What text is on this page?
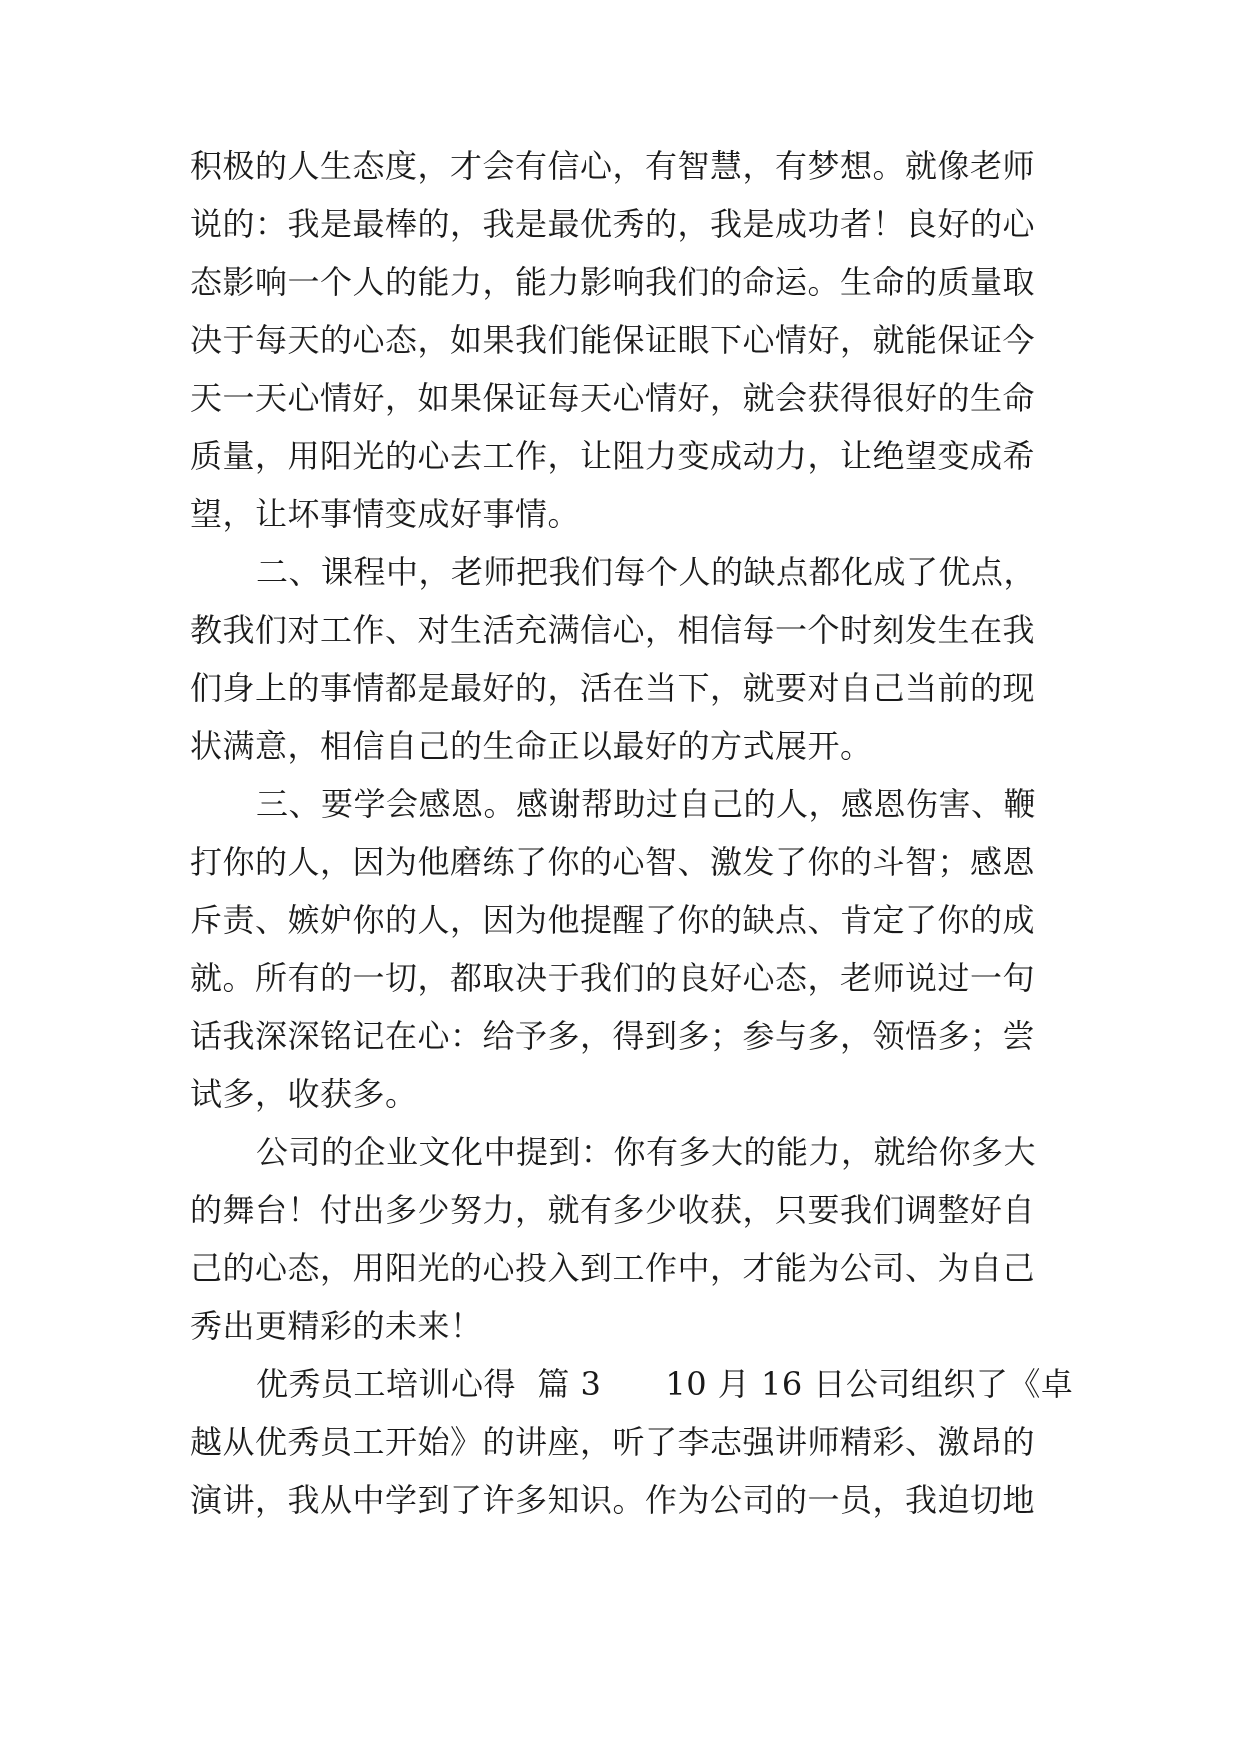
积极的人生态度，才会有信心，有智慧，有梦想。就像老师

说的：我是最棒的，我是最优秀的，我是成功者！良好的心

态影响一个人的能力，能力影响我们的命运。生命的质量取

决于每天的心态，如果我们能保证眼下心情好，就能保证今

天一天心情好，如果保证每天心情好，就会获得很好的生命

质量，用阳光的心去工作，让阻力变成动力，让绝望变成希

望，让坏事情变成好事情。

二、课程中，老师把我们每个人的缺点都化成了优点，

教我们对工作、对生活充满信心，相信每一个时刻发生在我

们身上的事情都是最好的，活在当下，就要对自己当前的现

状满意，相信自己的生命正以最好的方式展开。

三、要学会感恩。感谢帮助过自己的人，感恩伤害、鞭

打你的人，因为他磨练了你的心智、激发了你的斗智；感恩

斥责、嫉妒你的人，因为他提醒了你的缺点、肯定了你的成

就。所有的一切，都取决于我们的良好心态，老师说过一句

话我深深铭记在心：给予多，得到多；参与多，领悟多；尝

试多，收获多。

公司的企业文化中提到：你有多大的能力，就给你多大

的舞台！付出多少努力，就有多少收获，只要我们调整好自

己的心态，用阳光的心投入到工作中，才能为公司、为自己

秀出更精彩的未来！

优秀员工培训心得  篇 3      10 月 16 日公司组织了《卓

越从优秀员工开始》的讲座，听了李志强讲师精彩、激昂的

演讲，我从中学到了许多知识。作为公司的一员，我迫切地
